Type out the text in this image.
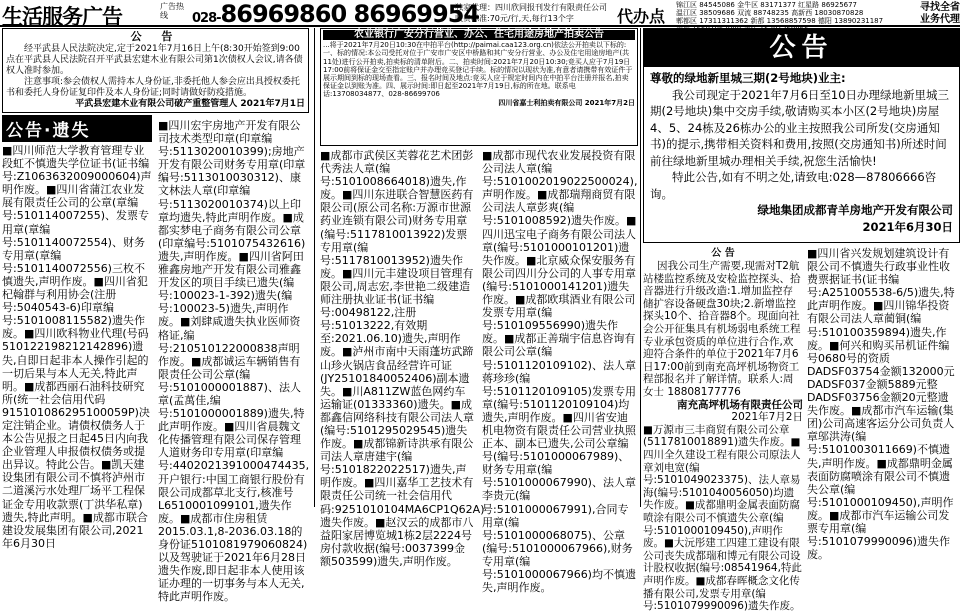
生活服务广告	广告热线	028-86969860 86969954
独家代理：四川欣同报刊发行有限责任公司
收费标准:70元/行,天,每行13个字	代办点
锦江区 84545086 金牛区 83171377 红星路 86925677
温江区 38509686 双流 88748235 高新西 18030870828
郫都区 17311311362 新都 13568857598 德阳 13890231187
寻找全省
业务代理
公 告
经平武县人民法院决定,定于2021年7月16日上午(8:30开始签到9:00点在平武县人民法院召开平武县宏建木业有限公司第1次债权人会议,请各债权人准时参加。
注意事项:参会债权人需持本人身份证,非委托他人参会应出具授权委托书和委托人身份证复印件及本人身份证;同时请做好防疫措施。
平武县宏建木业有限公司破产重整管理人 2021年7月1日
公告·遗失
■四川师范大学教育管理专业段虹不慎遗失学位证书(证书编号:Z1063632009000604)声明作废。■四川省蒲江农业发展有限责任公司的公章(章编号:510114007255)、发票专用章(章编号:5101140072554)、财务专用章(章编号:5101140072556)三枚不慎遗失,声明作废。■四川省犯杞翰群与利用协会(注册号:5040543-6)印章编号:5101008115582)遗失作废。■四川欧科物业代理(号码510122198212142896)遗失,自即日起非本人操作引起的一切后果与本人无关,特此声明。■成都西丽石油科技研究所(统一社会信用代码915101086295100059P)决定注销企业。请债权债务人于本公告见报之日起45日内向我企业管理人申报债权债务或提出异议。特此公告。■凯天建设集团有限公司不慎将泸州市二道溪污水处理厂场平工程保证金专用收款票(丁洪华私章)遗失,特此声明。■成都市联合建设发展集团有限公司,2021年6月30日
■四川宏宇房地产开发有限公司技术类型印章(印章编号:5113020010399);房地产开发有限公司财务专用章(印章编号:5113010030312)、康文林法人章(印章编号:5113020010374)以上印章均遗失,特此声明作废。■成都实梦电子商务有限公司公章(印章编号:5101075432616)遗失,声明作废。■四川省阿田雅鑫房地产开发有限公司雅鑫开发区的项目手续已遗失(编号:100023-1-392)遗失(编号:100023-5)遗失,声明作废。■刘肆咸遗失执业医师资格证,编号:210510122000838声明作废。■成都诚运车辆销售有限责任公司公章(编号:5101000001887)、法人章(孟萬佳,编号:5101000001889)遗失,特此声明作废。■四川省晨魏文化传播管理有限公司保存管理人道财务印专用章(印章编号:4402021391000474435,开户银行:中国工商银行股份有限公司成都草北支行,核准号L6510001099101,遗失作废。■成都市住房租赁2015.03.1,8-2036.03.18的身份证5101081979060824)以及驾驶证于2021年6月28日遗失作废,即日起非本人使用该证办理的一切事务与本人无关,特此声明作废。
农业银行广安分行营业、办公、住宅用途房地产拍卖公告
...将于2021年7月20日10:30在中拍平台(http://paimai.caa123.org.cn)依法公开拍卖以下标的:一、标的情况:本公司受托对位于广安市广安区中桥路和其广安分行营业、办公及住宅用途房地产(共11处)进行公开拍卖,拍卖标的清单附后。二、拍卖时间:2021年7月20日10:30;竞买人应于7月19日17:00前将保证金交至指定账户并办理竞买登记手续。标的情况以现状为准,有意者请携带有效证件于展示期间到标的现场查看。三、报名时间及地点:竞买人应于规定时间内在中拍平台注册并报名,拍卖保证金以到账为准。四、展示时间:即日起至2021年7月19日,标的所在地。联系电话:13708034877、028-86699706
四川省嘉士利拍卖有限公司 2021年7月2日
■成都市武侯区芙蓉花艺术团彭代秀法人章(编号:5101008664018)遗失,作废。■四川东进联合智慧医药有限公司(原公司名称:万源市世源药业连锁有限公司)财务专用章(编号:5117810013922)发票专用章(编号:5117810013952)遗失作废。■四川元丰建设项目管理有限公司,周志宏,李世艳二级建造师注册执业证书(证书编号:00498122,注册号:51013222,有效期至:2021.06.10)遗失,声明作废。■泸州市南中天雨蓬坊武蹄山珍火锅店食品经营许可证(JY25101840052406)副本遗失。■川A811ZW蓝色网约车运输证(01333360)遗失。■成都鑫信网络科技有限公司法人章(编号:5101295029545)遗失作废。■成都锦新诗洪承有限公司法人章唐建宇(编号:5101822022517)遗失,声明作废。■四川嘉华工艺技术有限责任公司统一社会信用代码:9251010104MA6CP1Q62A)遗失作废。■赵汉云的成都市八益阳家居博览城1栋2层2224号房付款收据(编号:0037399金额503599)遗失,声明作废。
■成都市现代农业发展投资有限公司法人章(编号:5101002019022500024),声明作废。■成都瑞翔商贸有限公司法人章彭爽(编号:5101008592)遗失作废。■四川迅宝电子商务有限公司法人章(编号:5101000101201)遗失作废。■北京威众保安服务有限公司四川分公司的人事专用章(编号:5101000141201)遗失作废。■成都欧琪酒业有限公司发票专用章(编号:510109556990)遗失作废。■成都正善瑞宇信息咨询有限公司公章(编号:5101120109102)、法人章蒋珍珍(编号:5101120109105)发票专用章(编号:5101120109104)均遗失,声明作废。■四川省安迪机电物资有限责任公司营业执照正本、副本已遗失,公司公章编号(编号:5101000067989)、财务专用章(编号:5101000067990)、法人章李贵元(编号:5101000067991),合同专用章(编号:5101000068075)、公章(编号:5101000067966),财务专用章(编号:5101000067966)均不慎遗失,声明作废。
公告
尊敬的绿地新里城三期(2号地块)业主:
我公司现定于2021年7月6日至10日办理绿地新里城三期(2号地块)集中交房手续,敬请购买本小区(2号地块)房屋4、5、24栋及26栋办公的业主按照我公司所发(交房通知书)的提示,携带相关资料和费用,按照(交房通知书)所述时间前往绿地新里城办理相关手续,祝您生活愉快!
特此公告,如有不明之处,请致电:028—87806666咨询。
绿地集团成都青羊房地产开发有限公司
2021年6月30日
公 告
因我公司生产需要,现需对T2航站楼监控系统及安检监控探头、拾音器进行升级改造:1.增加监控存储扩容设备硬盘30块;2.新增监控探头10个、拾音器8个。现面向社会公开征集具有机场弱电系统工程专业承包资质的单位进行合作,欢迎符合条件的单位于2021年7月6日17:00前到南充高坪机场物资工程部报名并了解详情。联系人:周女士 18808177776
南充高坪机场有限责任公司
2021年7月2日
■万源市三丰商贸有限公司公章(5117810018891)遗失作废。■四川全久建设工程有限公司原法人章刘电宽(编号:5101049023375)、法人章易海(编号:5101040056050)均遗失作废。■成都鼎明金属表面防腐喷涂有限公司不慎遗失公章(编号:5101000109450),声明作废。■大沅彤建工四建工建设有限公司丧失成都瑞和博元有限公司设计股权收据(编号:08541964,特此声明作废。■成都春晖概念文化传播有限公司,发票专用章(编号:5101079990096)遗失作废。
■四川省兴发规划建筑设计有限公司不慎遗失行政事业性收费票据证书(证书编号:A251005538-6/5)遗失,特此声明作废。■四川锦华投资有限公司法人章蔺铜(编号:510100359894)遗失,作废。■何兴和购买吊机证件编号0680号的资质DADSF03754金额132000元DADSF037金额5889元整DADSF03756金额20元整遗失作废。■成都市汽车运输(集团)公司高速客运分公司负责人章邬洪涛(编号:5101003011669)不慎遗失,声明作废。■成都鼎明金属表面防腐喷涂有限公司不慎遗失公章(编号:5101000109450),声明作废。■成都市汽车运输公司发票专用章(编号:5101079990096)遗失作废。
